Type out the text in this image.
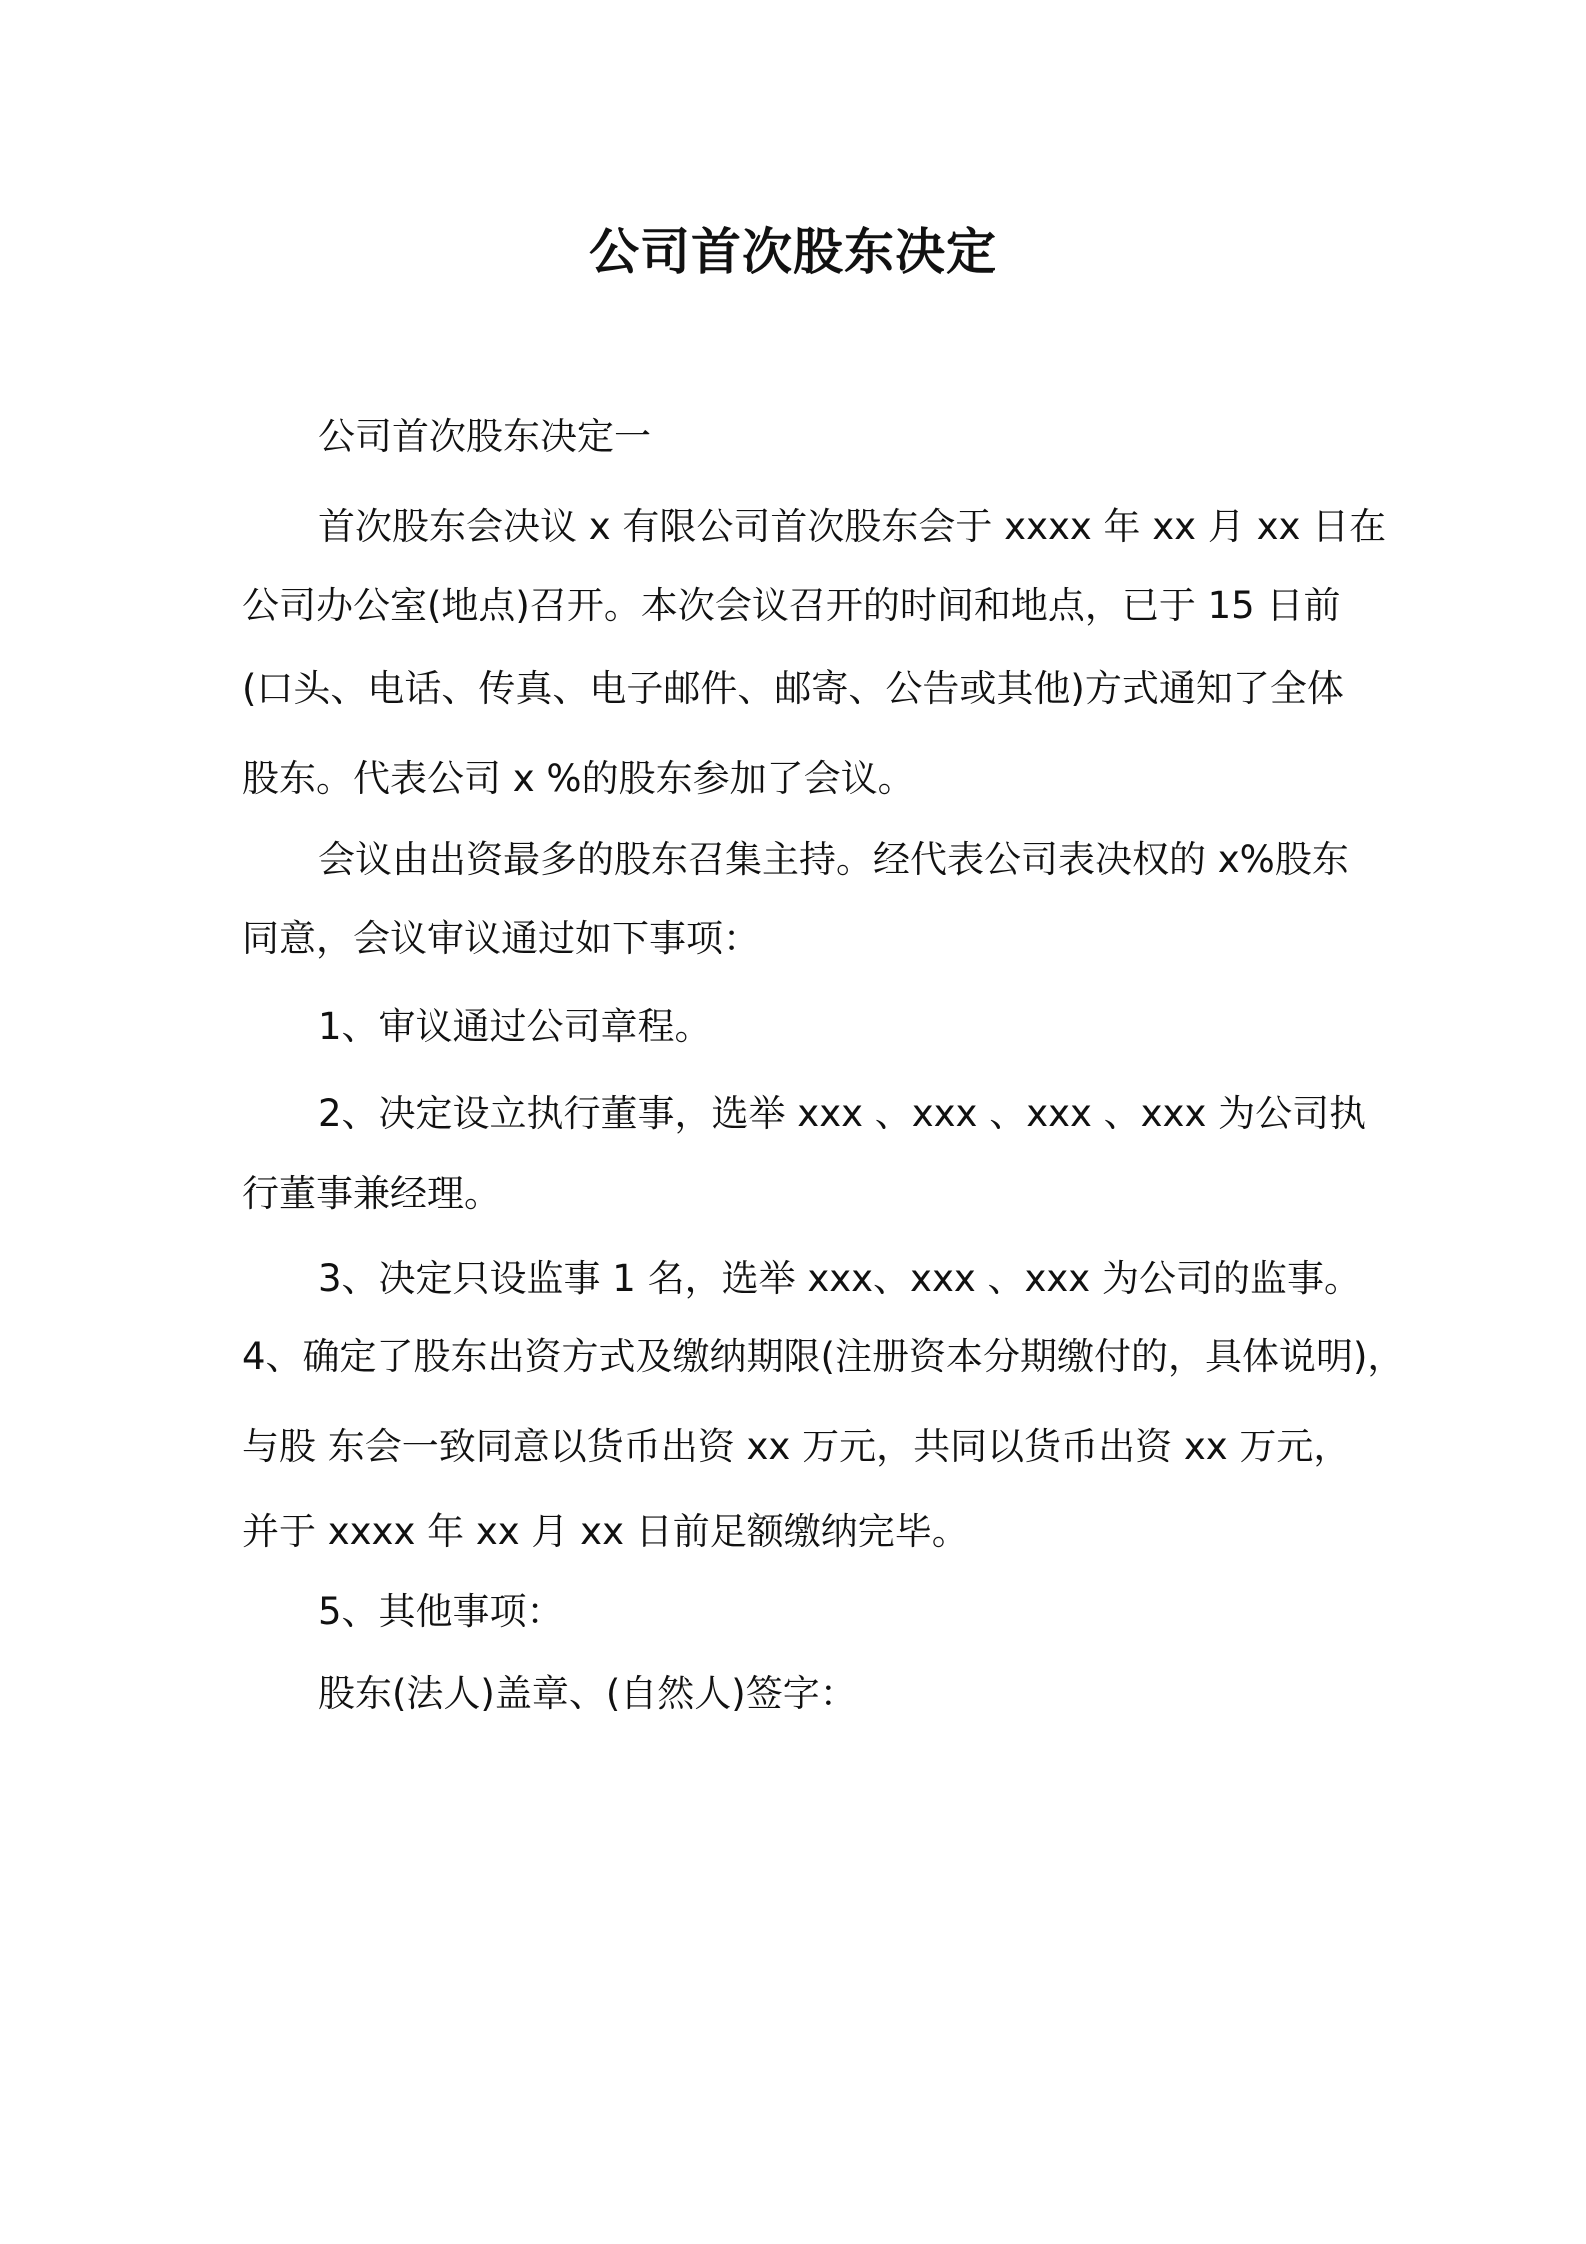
公司首次股东决定
公司首次股东决定一
首次股东会决议 x 有限公司首次股东会于 xxxx 年 xx 月 xx 日在
公司办公室(地点)召开。本次会议召开的时间和地点，已于 15 日前
(口头、电话、传真、电子邮件、邮寄、公告或其他)方式通知了全体
股东。代表公司 x %的股东参加了会议。
会议由出资最多的股东召集主持。经代表公司表决权的 x%股东
同意，会议审议通过如下事项：
1、审议通过公司章程。
2、决定设立执行董事，选举 xxx 、xxx 、xxx 、xxx 为公司执
行董事兼经理。
3、决定只设监事 1 名，选举 xxx、xxx 、xxx 为公司的监事。
4、确定了股东出资方式及缴纳期限(注册资本分期缴付的，具体说明)，
与股 东会一致同意以货币出资 xx 万元，共同以货币出资 xx 万元，
并于 xxxx 年 xx 月 xx 日前足额缴纳完毕。
5、其他事项：
股东(法人)盖章、(自然人)签字：
